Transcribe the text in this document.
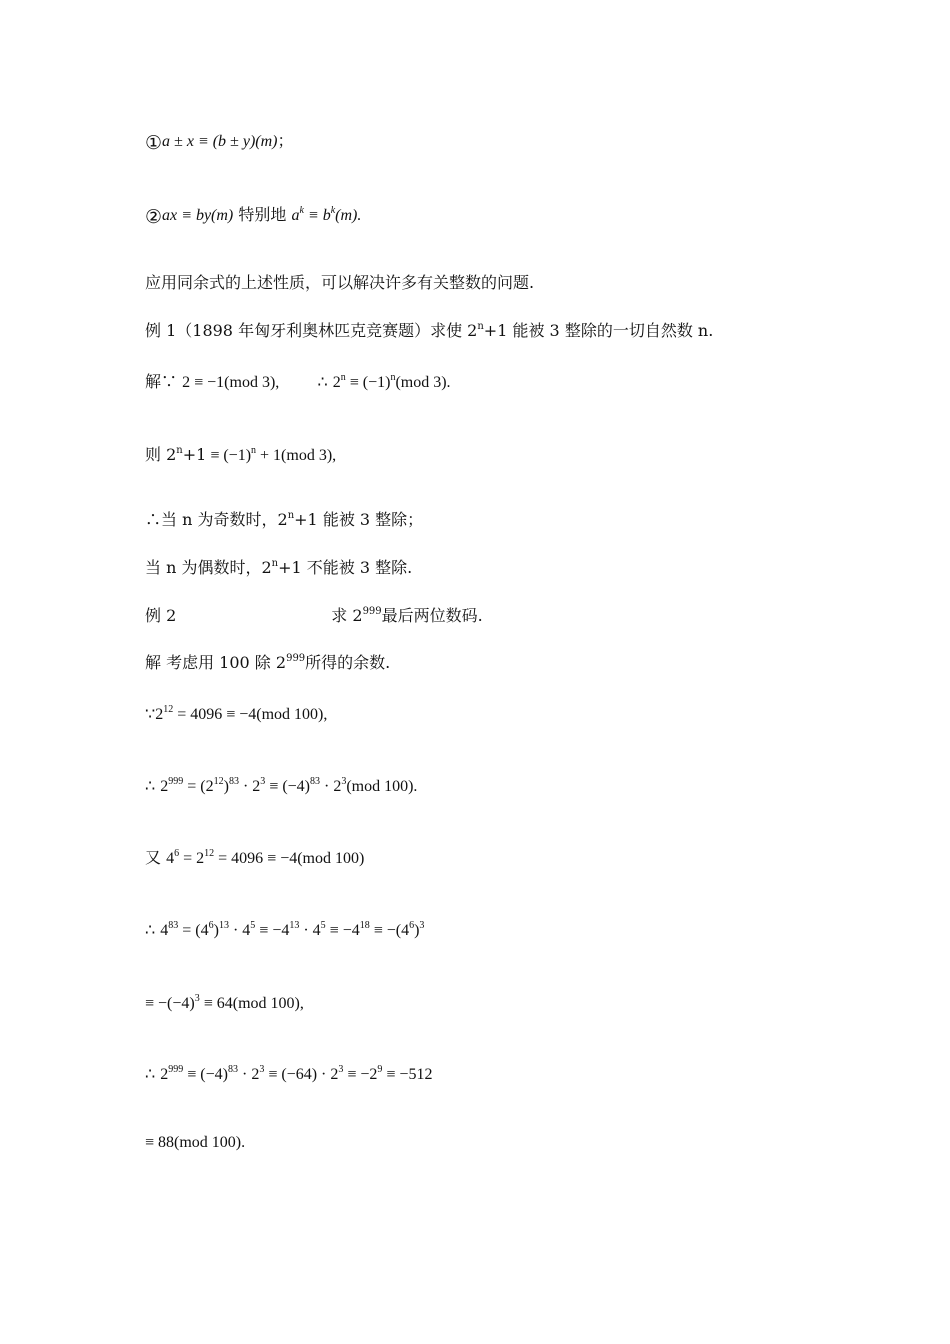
①a ± x ≡ (b ± y)(m)；
②ax ≡ by(m) 特别地 $a^k \equiv b^k(m)$.
应用同余式的上述性质，可以解决许多有关整数的问题.
例 1（1898 年匈牙利奥林匹克竞赛题）求使 $2^n+1$ 能被 3 整除的一切自然数 n.
解∵ 2 ≡ −1(mod 3), ∴ $2^n \equiv (-1)^n(mod$ 3).
则 $2^n+1 \equiv (-1)^n + 1(mod$ 3),
∴当 n 为奇数时，$2^n+1$ 能被 3 整除；
当 n 为偶数时，$2^n+1$ 不能被 3 整除.
例 2	求 $2^{999}$最后两位数码.
解 考虑用 100 除 $2^{999}$所得的余数.
$\because 2^{12} = 4096 \equiv -4(mod$ 100),
∴ $2^{999} = (2^{12})^{83} \cdot 2^3 \equiv (-4)^{83} \cdot 2^3(mod$ 100).
又 $4^6 = 2^{12} = 4096 \equiv -4(mod$ 100)
∴ $4^{83} = (4^6)^{13} \cdot 4^5 \equiv -4^{13} \cdot 4^5 \equiv -4^{18} \equiv -(4^6)^3$
≡ $-(-4)^3 \equiv 64(mod$ 100),
∴ $2^{999} \equiv (-4)^{83} \cdot 2^3 \equiv (-64) \cdot 2^3 \equiv -2^9 \equiv -512$
≡ 88(mod 100).
